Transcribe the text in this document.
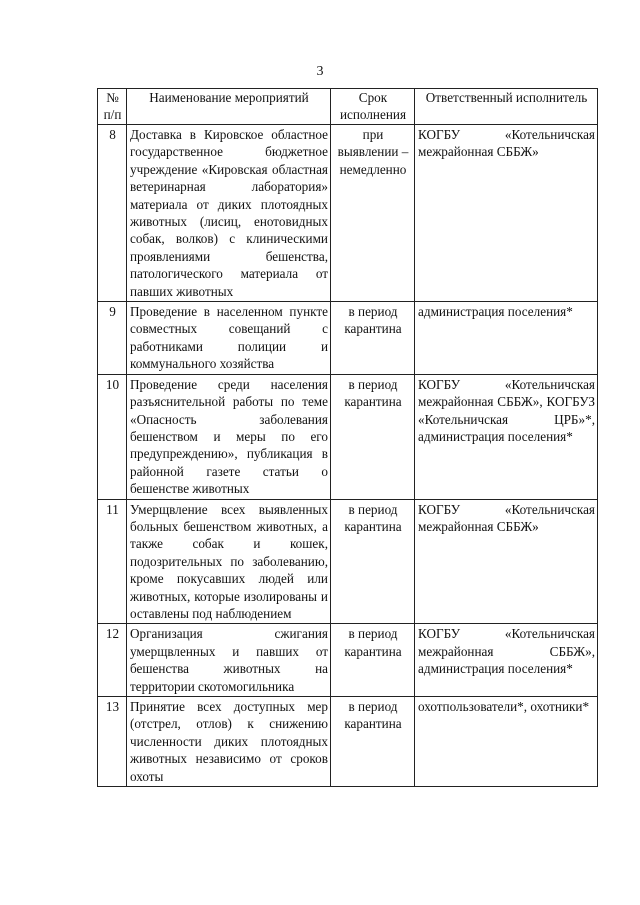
3
№ п/п	Наименование мероприятий	Срок исполнения	Ответственный исполнитель
8	Доставка в Кировское областное государственное бюджетное учреждение «Кировская областная ветеринарная лаборатория» материала от диких плотоядных животных (лисиц, енотовидных собак, волков) с клиническими проявлениями бешенства, патологического материала от павших животных	при выявлении – немедленно	КОГБУ «Котельничская межрайонная СББЖ»
9	Проведение в населенном пункте совместных совещаний с работниками полиции и коммунального хозяйства	в период карантина	администрация поселения*
10	Проведение среди населения разъяснительной работы по теме «Опасность заболевания бешенством и меры по его предупреждению», публикация в районной газете статьи о бешенстве животных	в период карантина	КОГБУ «Котельничская межрайонная СББЖ», КОГБУЗ «Котельничская ЦРБ»*, администрация поселения*
11	Умерщвление всех выявленных больных бешенством животных, а также собак и кошек, подозрительных по заболеванию, кроме покусавших людей или животных, которые изолированы и оставлены под наблюдением	в период карантина	КОГБУ «Котельничская межрайонная СББЖ»
12	Организация сжигания умерщвленных и павших от бешенства животных на территории скотомогильника	в период карантина	КОГБУ «Котельничская межрайонная СББЖ», администрация поселения*
13	Принятие всех доступных мер (отстрел, отлов) к снижению численности диких плотоядных животных независимо от сроков охоты	в период карантина	охотпользователи*, охотники*
